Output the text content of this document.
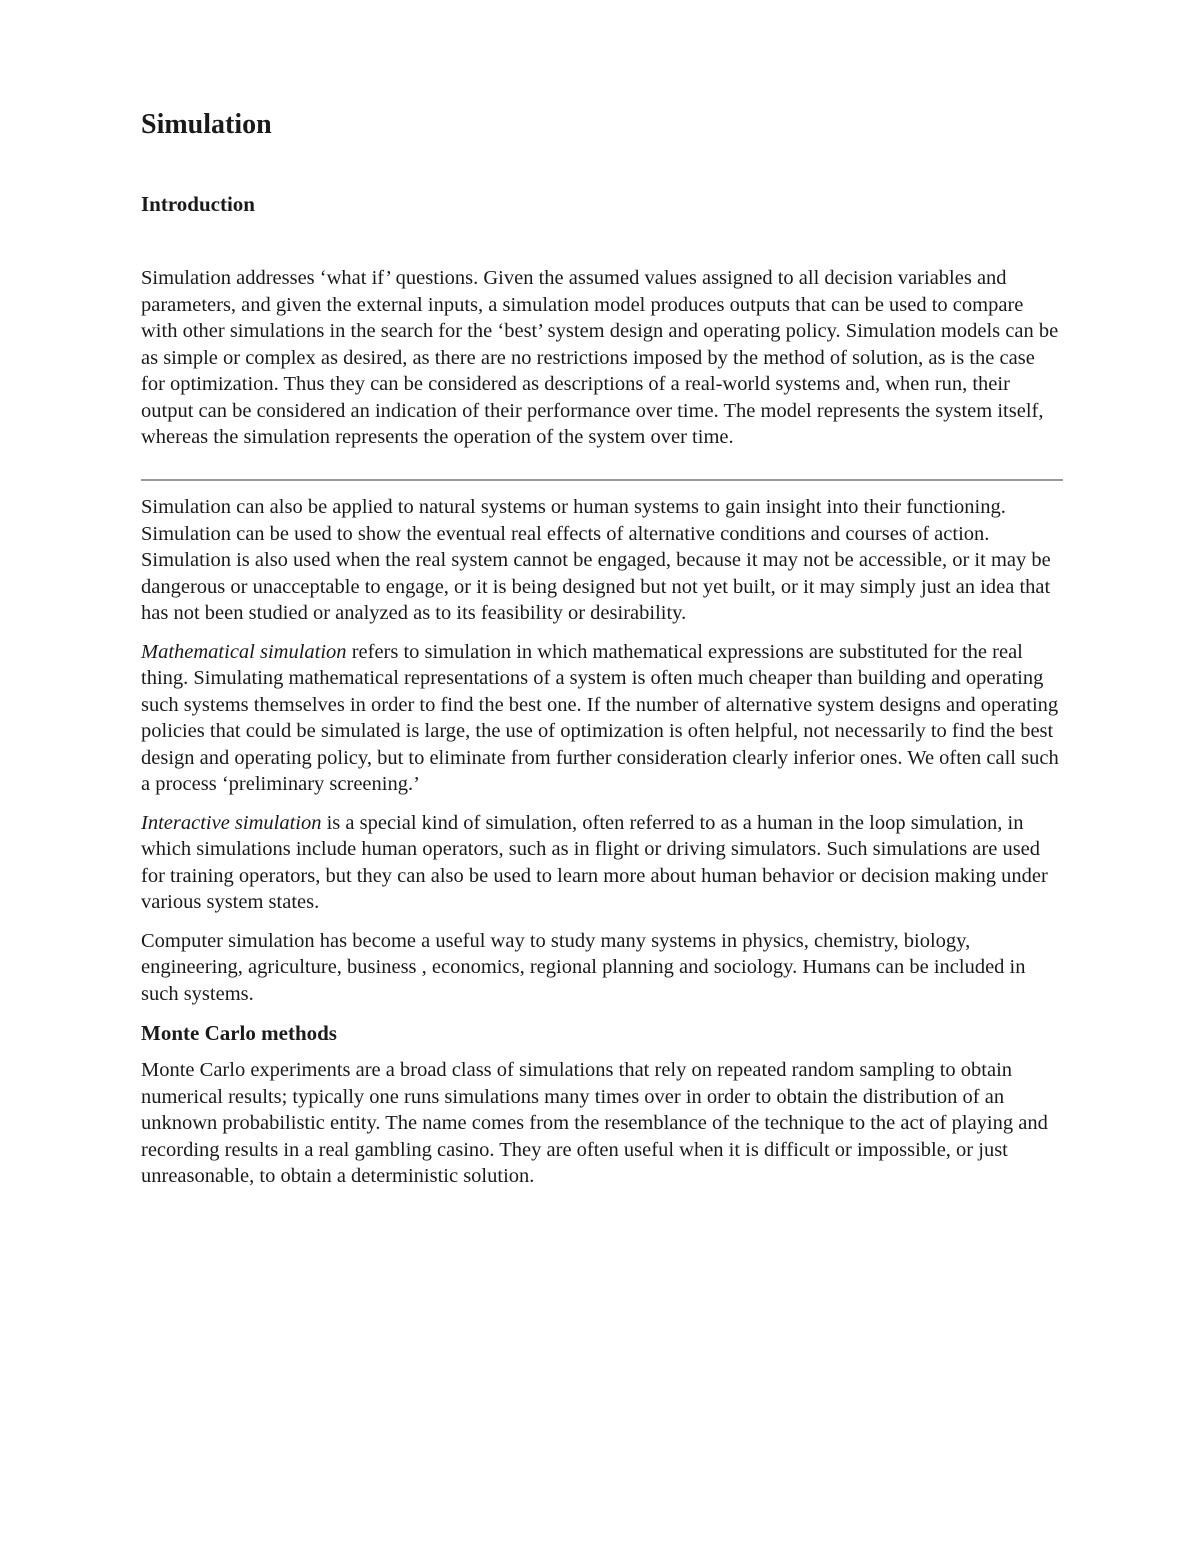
Simulation
Introduction

Simulation addresses ‘what if’ questions. Given the assumed values assigned to all decision variables and parameters, and given the external inputs, a simulation model produces outputs that can be used to compare with other simulations in the search for the ‘best’ system design and operating policy. Simulation models can be as simple or complex as desired, as there are no restrictions imposed by the method of solution, as is the case for optimization. Thus they can be considered as descriptions of a real-world systems and, when run, their output can be considered an indication of their performance over time. The model represents the system itself, whereas the simulation represents the operation of the system over time.

Simulation can also be applied to natural systems or human systems to gain insight into their functioning. Simulation can be used to show the eventual real effects of alternative conditions and courses of action. Simulation is also used when the real system cannot be engaged, because it may not be accessible, or it may be dangerous or unacceptable to engage, or it is being designed but not yet built, or it may simply just an idea that has not been studied or analyzed as to its feasibility or desirability.

Mathematical simulation refers to simulation in which mathematical expressions are substituted for the real thing. Simulating mathematical representations of a system is often much cheaper than building and operating such systems themselves in order to find the best one. If the number of alternative system designs and operating policies that could be simulated is large, the use of optimization is often helpful, not necessarily to find the best design and operating policy, but to eliminate from further consideration clearly inferior ones. We often call such a process ‘preliminary screening.’

Interactive simulation is a special kind of simulation, often referred to as a human in the loop simulation, in which simulations include human operators, such as in flight or driving simulators. Such simulations are used for training operators, but they can also be used to learn more about human behavior or decision making under various system states.

Computer simulation has become a useful way to study many systems in physics, chemistry, biology, engineering, agriculture, business , economics, regional planning and sociology. Humans can be included in such systems.

Monte Carlo methods

Monte Carlo experiments are a broad class of simulations that rely on repeated random sampling to obtain numerical results; typically one runs simulations many times over in order to obtain the distribution of an unknown probabilistic entity. The name comes from the resemblance of the technique to the act of playing and recording results in a real gambling casino. They are often useful when it is difficult or impossible, or just unreasonable, to obtain a deterministic solution.
